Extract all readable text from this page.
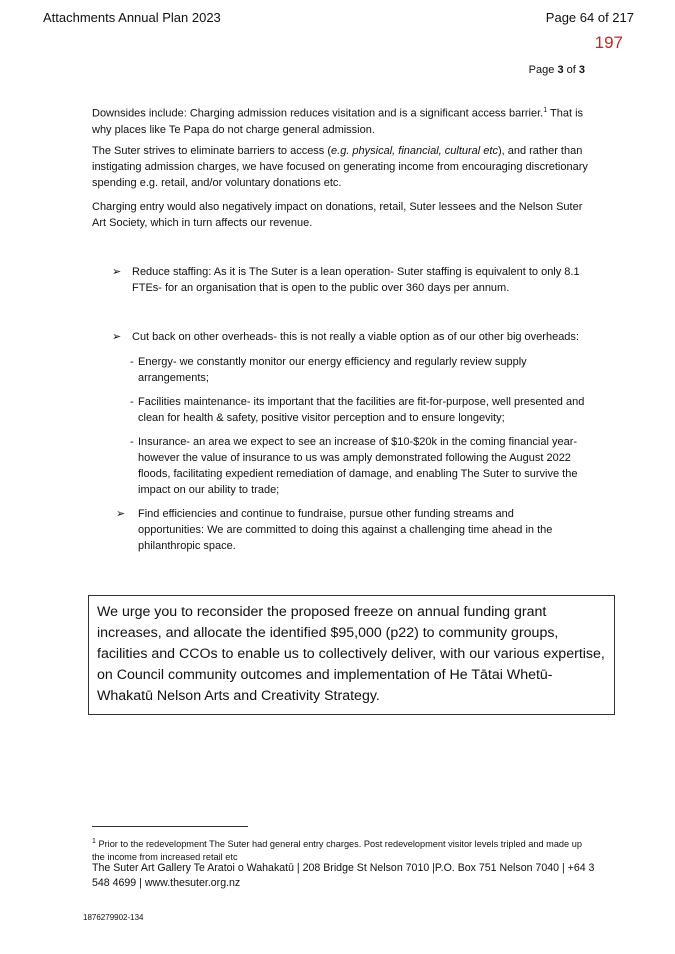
Attachments Annual Plan 2023	Page 64 of 217
197
Page 3 of 3
Downsides include: Charging admission reduces visitation and is a significant access barrier.$^1$ That is why places like Te Papa do not charge general admission.
The Suter strives to eliminate barriers to access (e.g. physical, financial, cultural etc), and rather than instigating admission charges, we have focused on generating income from encouraging discretionary spending e.g. retail, and/or voluntary donations etc.
Charging entry would also negatively impact on donations, retail, Suter lessees and the Nelson Suter Art Society, which in turn affects our revenue.
➢ Reduce staffing: As it is The Suter is a lean operation- Suter staffing is equivalent to only 8.1 FTEs- for an organisation that is open to the public over 360 days per annum.
➢ Cut back on other overheads- this is not really a viable option as of our other big overheads:
- Energy- we constantly monitor our energy efficiency and regularly review supply arrangements;
- Facilities maintenance- its important that the facilities are fit-for-purpose, well presented and clean for health & safety, positive visitor perception and to ensure longevity;
- Insurance- an area we expect to see an increase of $10-$20k in the coming financial year- however the value of insurance to us was amply demonstrated following the August 2022 floods, facilitating expedient remediation of damage, and enabling The Suter to survive the impact on our ability to trade;
➢ Find efficiencies and continue to fundraise, pursue other funding streams and opportunities: We are committed to doing this against a challenging time ahead in the philanthropic space.
We urge you to reconsider the proposed freeze on annual funding grant increases, and allocate the identified $95,000 (p22) to community groups, facilities and CCOs to enable us to collectively deliver, with our various expertise, on Council community outcomes and implementation of He Tātai Whetū- Whakatū Nelson Arts and Creativity Strategy.
$^1$ Prior to the redevelopment The Suter had general entry charges. Post redevelopment visitor levels tripled and made up the income from increased retail etc
The Suter Art Gallery Te Aratoi o Wahakatū | 208 Bridge St Nelson 7010 |P.O. Box 751 Nelson 7040 | +64 3 548 4699 | www.thesuter.org.nz
1876279902-134
